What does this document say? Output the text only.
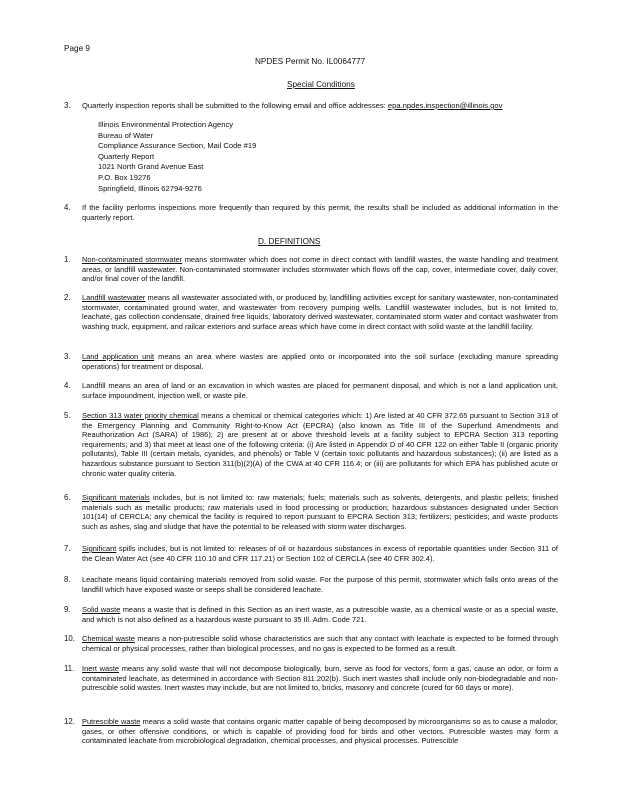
Page 9
NPDES Permit No. IL0064777
Special Conditions
3. Quarterly inspection reports shall be submitted to the following email and office addresses: epa.npdes.inspection@illinois.gov
Illinois Environmental Protection Agency
Bureau of Water
Compliance Assurance Section, Mail Code #19
Quarterly Report
1021 North Grand Avenue East
P.O. Box 19276
Springfield, Illinois 62794-9276
4. If the facility performs inspections more frequently than required by this permit, the results shall be included as additional information in the quarterly report.
D. DEFINITIONS
1. Non-contaminated stormwater means stormwater which does not come in direct contact with landfill wastes, the waste handling and treatment areas, or landfill wastewater. Non-contaminated stormwater includes stormwater which flows off the cap, cover, intermediate cover, daily cover, and/or final cover of the landfill.
2. Landfill wastewater means all wastewater associated with, or produced by, landfilling activities except for sanitary wastewater, non-contaminated stormwater, contaminated ground water, and wastewater from recovery pumping wells. Landfill wastewater includes, but is not limited to, leachate, gas collection condensate, drained free liquids, laboratory derived wastewater, contaminated storm water and contact washwater from washing truck, equipment, and railcar exteriors and surface areas which have come in direct contact with solid waste at the landfill facility.
3. Land application unit means an area where wastes are applied onto or incorporated into the soil surface (excluding manure spreading operations) for treatment or disposal.
4. Landfill means an area of land or an excavation in which wastes are placed for permanent disposal, and which is not a land application unit, surface impoundment, injection well, or waste pile.
5. Section 313 water priority chemical means a chemical or chemical categories which: 1) Are listed at 40 CFR 372.65 pursuant to Section 313 of the Emergency Planning and Community Right-to-Know Act (EPCRA) (also known as Title III of the Superfund Amendments and Reauthorization Act (SARA) of 1986); 2) are present at or above threshold levels at a facility subject to EPCRA Section 313 reporting requirements; and 3) that meet at least one of the following criteria: (i) Are listed in Appendix D of 40 CFR 122 on either Table II (organic priority pollutants), Table III (certain metals, cyanides, and phenols) or Table V (certain toxic pollutants and hazardous substances); (ii) are listed as a hazardous substance pursuant to Section 311(b)(2)(A) of the CWA at 40 CFR 116.4; or (iii) are pollutants for which EPA has published acute or chronic water quality criteria.
6. Significant materials includes, but is not limited to: raw materials; fuels; materials such as solvents, detergents, and plastic pellets; finished materials such as metallic products; raw materials used in food processing or production; hazardous substances designated under Section 101(14) of CERCLA; any chemical the facility is required to report pursuant to EPCRA Section 313; fertilizers; pesticides; and waste products such as ashes, slag and sludge that have the potential to be released with storm water discharges.
7. Significant spills includes, but is not limited to: releases of oil or hazardous substances in excess of reportable quantities under Section 311 of the Clean Water Act (see 40 CFR 110.10 and CFR 117.21) or Section 102 of CERCLA (see 40 CFR 302.4).
8. Leachate means liquid containing materials removed from solid waste. For the purpose of this permit, stormwater which falls onto areas of the landfill which have exposed waste or seeps shall be considered leachate.
9. Solid waste means a waste that is defined in this Section as an inert waste, as a putrescible waste, as a chemical waste or as a special waste, and which is not also defined as a hazardous waste pursuant to 35 Ill. Adm. Code 721.
10. Chemical waste means a non-putrescible solid whose characteristics are such that any contact with leachate is expected to be formed through chemical or physical processes, rather than biological processes, and no gas is expected to be formed as a result.
11. Inert waste means any solid waste that will not decompose biologically, burn, serve as food for vectors, form a gas, cause an odor, or form a contaminated leachate, as determined in accordance with Section 811.202(b). Such inert wastes shall include only non-biodegradable and non-putrescible solid wastes. Inert wastes may include, but are not limited to, bricks, masonry and concrete (cured for 60 days or more).
12. Putrescible waste means a solid waste that contains organic matter capable of being decomposed by microorganisms so as to cause a malodor, gases, or other offensive conditions, or which is capable of providing food for birds and other vectors. Putrescible wastes may form a contaminated leachate from microbiological degradation, chemical processes, and physical processes. Putrescible
